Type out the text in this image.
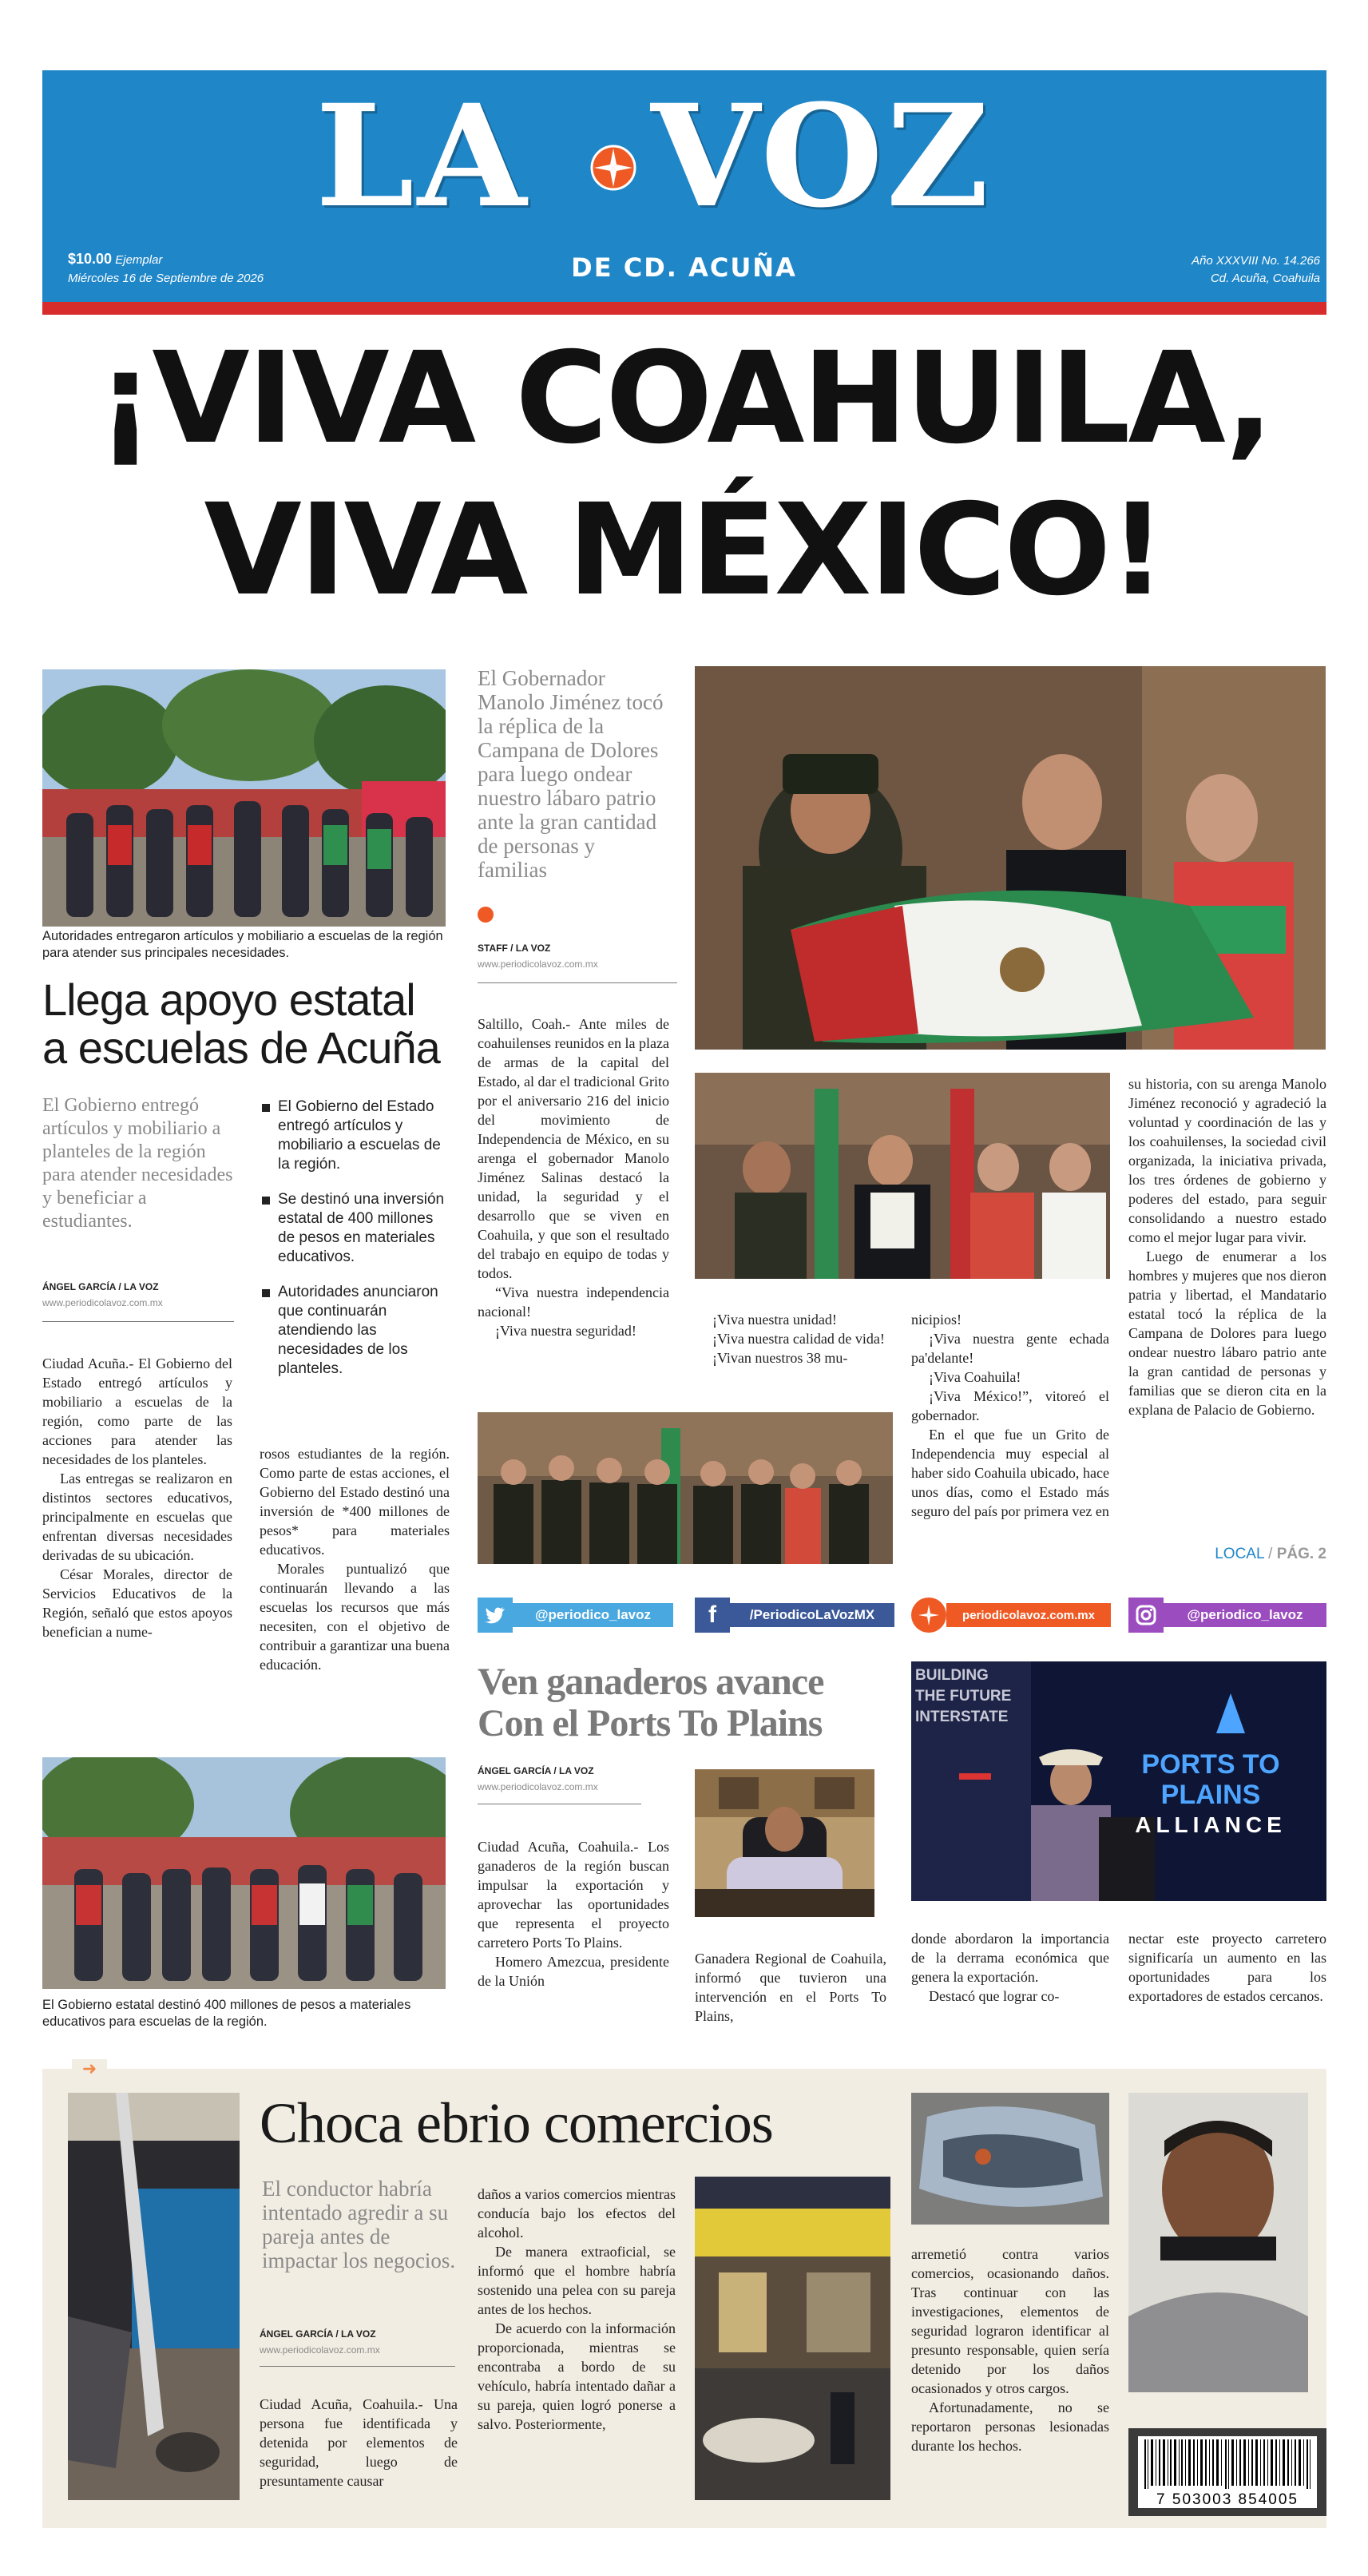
LA VOZ
DE CD. ACUÑA
$10.00 Ejemplar
Miércoles 16 de Septiembre de 2026
Año XXXVIII No. 14.266
Cd. Acuña, Coahuila
¡VIVA COAHUILA,
VIVA MÉXICO!
Autoridades entregaron artículos y mobiliario a escuelas de la región para atender sus principales necesidades.
Llega apoyo estatal
a escuelas de Acuña
El Gobierno entregó artículos y mobiliario a planteles de la región para atender necesidades y beneficiar a estudiantes.
ÁNGEL GARCÍA / LA VOZ
www.periodicolavoz.com.mx
El Gobierno del Estado entregó artículos y mobiliario a escuelas de la región.
Se destinó una inversión estatal de 400 millones de pesos en materiales educativos.
Autoridades anunciaron que continuarán atendiendo las necesidades de los planteles.

Ciudad Acuña.- El Gobierno del Estado entregó artículos y mobiliario a escuelas de la región, como parte de las acciones para atender las necesidades de los planteles.

Las entregas se realizaron en distintos sectores educativos, principalmente en escuelas que enfrentan diversas necesidades derivadas de su ubicación.

César Morales, director de Servicios Educativos de la Región, señaló que estos apoyos benefician a nume-

rosos estudiantes de la región. Como parte de estas acciones, el Gobierno del Estado destinó una inversión de *400 millones de pesos* para materiales educativos.

Morales puntualizó que continuarán llevando a las escuelas los recursos que más necesiten, con el objetivo de contribuir a garantizar una buena educación.

El Gobierno estatal destinó 400 millones de pesos a materiales educativos para escuelas de la región.
El Gobernador Manolo Jiménez tocó la réplica de la Campana de Dolores para luego ondear nuestro lábaro patrio ante la gran cantidad de personas y familias
STAFF / LA VOZ
www.periodicolavoz.com.mx

Saltillo, Coah.- Ante miles de coahuilenses reunidos en la plaza de armas de la capital del Estado, al dar el tradicional Grito por el aniversario 216 del inicio del movimiento de Independencia de México, en su arenga el gobernador Manolo Jiménez Salinas destacó la unidad, la seguridad y el desarrollo que se viven en Coahuila, y que son el resultado del trabajo en equipo de todas y todos.

“Viva nuestra independencia nacional!

¡Viva nuestra seguridad!

su historia, con su arenga Manolo Jiménez reconoció y agradeció la voluntad y coordinación de las y los coahuilenses, la sociedad civil organizada, la iniciativa privada, los tres órdenes de gobierno y poderes del estado, para seguir consolidando a nuestro estado como el mejor lugar para vivir.

Luego de enumerar a los hombres y mujeres que nos dieron patria y libertad, el Mandatario estatal tocó la réplica de la Campana de Dolores para luego ondear nuestro lábaro patrio ante la gran cantidad de personas y familias que se dieron cita en la explana de Palacio de Gobierno.

¡Viva nuestra unidad!

¡Viva nuestra calidad de vida!

¡Vivan nuestros 38 mu-

nicipios!

¡Viva nuestra gente echada pa'delante!

¡Viva Coahuila!

¡Viva México!”, vitoreó el gobernador.

En el que fue un Grito de Independencia muy especial al haber sido Coahuila ubicado, hace unos días, como el Estado más seguro del país por primera vez en

LOCAL / PÁG. 2
@periodico_lavoz	f	/PeriodicoLaVozMX	periodicolavoz.com.mx	@periodico_lavoz
Ven ganaderos avance
Con el Ports To Plains
ÁNGEL GARCÍA / LA VOZ
www.periodicolavoz.com.mx
BUILDING
THE FUTURE
INTERSTATE
PORTS TO PLAINS
ALLIANCE

Ciudad Acuña, Coahuila.- Los ganaderos de la región buscan impulsar la exportación y aprovechar las oportunidades que representa el proyecto carretero Ports To Plains.

Homero Amezcua, presidente de la Unión

Ganadera Regional de Coahuila, informó que tuvieron una intervención en el Ports To Plains,

donde abordaron la importancia de la derrama económica que genera la exportación.

Destacó que lograr co-

nectar este proyecto carretero significaría un aumento en las oportunidades para los exportadores de estados cercanos.

➜
Choca ebrio comercios
El conductor habría intentado agredir a su pareja antes de impactar los negocios.
ÁNGEL GARCÍA / LA VOZ
www.periodicolavoz.com.mx

Ciudad Acuña, Coahuila.- Una persona fue identificada y detenida por elementos de seguridad, luego de presuntamente causar

daños a varios comercios mientras conducía bajo los efectos del alcohol.

De manera extraoficial, se informó que el hombre habría sostenido una pelea con su pareja antes de los hechos.

De acuerdo con la información proporcionada, mientras se encontraba a bordo de su vehículo, habría intentado dañar a su pareja, quien logró ponerse a salvo. Posteriormente,

arremetió contra varios comercios, ocasionando daños. Tras continuar con las investigaciones, elementos de seguridad lograron identificar al presunto responsable, quien sería detenido por los daños ocasionados y otros cargos.

Afortunadamente, no se reportaron personas lesionadas durante los hechos.

7 503003 854005
